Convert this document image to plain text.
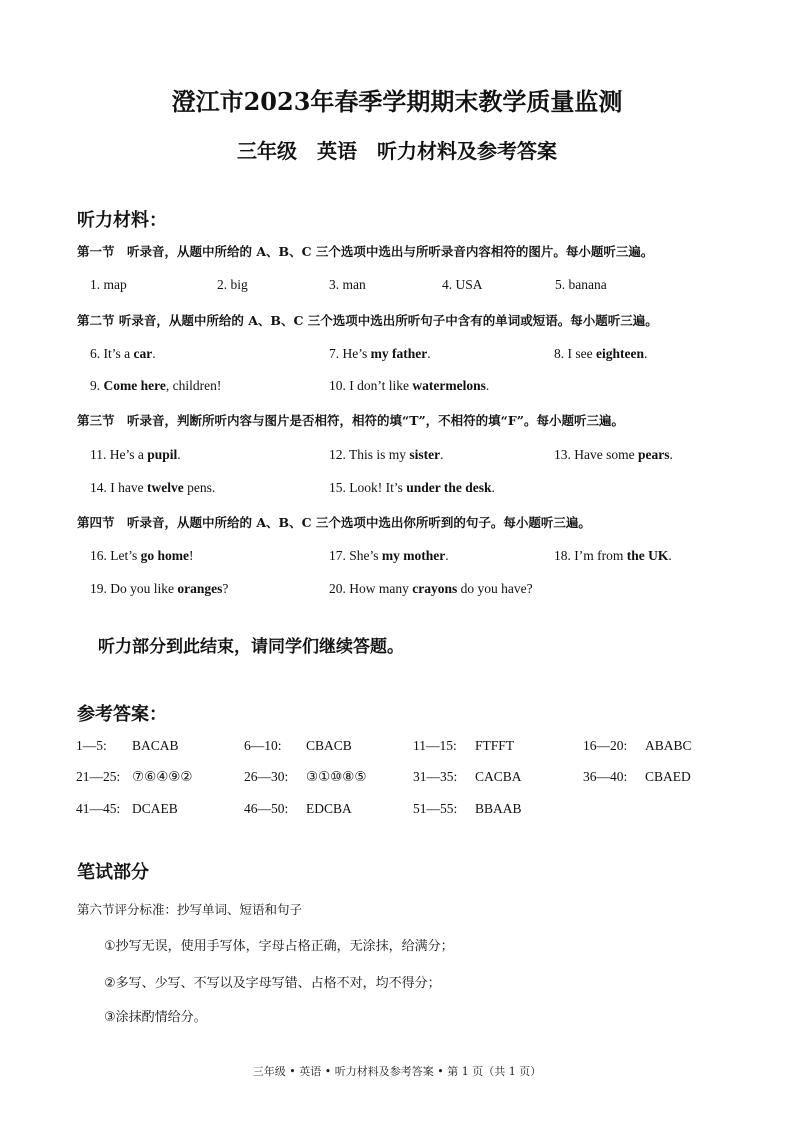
澄江市2023年春季学期期末教学质量监测
三年级　英语　听力材料及参考答案
听力材料：
第一节　听录音，从题中所给的 A、B、C 三个选项中选出与所听录音内容相符的图片。每小题听三遍。
1. map	2. big	3. man	4. USA	5. banana
第二节 听录音，从题中所给的 A、B、C 三个选项中选出所听句子中含有的单词或短语。每小题听三遍。
6. It’s a car.	7. He’s my father.	8. I see eighteen.
9. Come here, children!	10. I don’t like watermelons.
第三节　听录音，判断所听内容与图片是否相符，相符的填“T”，不相符的填“F”。每小题听三遍。
11. He’s a pupil.	12. This is my sister.	13. Have some pears.
14. I have twelve pens.	15. Look! It’s under the desk.
第四节　听录音，从题中所给的 A、B、C 三个选项中选出你所听到的句子。每小题听三遍。
16. Let’s go home!	17. She’s my mother.	18. I’m from the UK.
19. Do you like oranges?	20. How many crayons do you have?
听力部分到此结束，请同学们继续答题。
参考答案：
1—5: BACAB	6—10: CBACB	11—15: FTFFT	16—20: ABABC
21—25: ⑦⑥④⑨②	26—30: ③①⑩⑧⑤	31—35: CACBA	36—40: CBAED
41—45: DCAEB	46—50: EDCBA	51—55: BBAAB
笔试部分
第六节评分标准：抄写单词、短语和句子
①抄写无误，使用手写体，字母占格正确，无涂抹，给满分；
②多写、少写、不写以及字母写错、占格不对，均不得分；
③涂抹酌情给分。
三年级 • 英语 • 听力材料及参考答案 • 第 1 页（共 1 页）
